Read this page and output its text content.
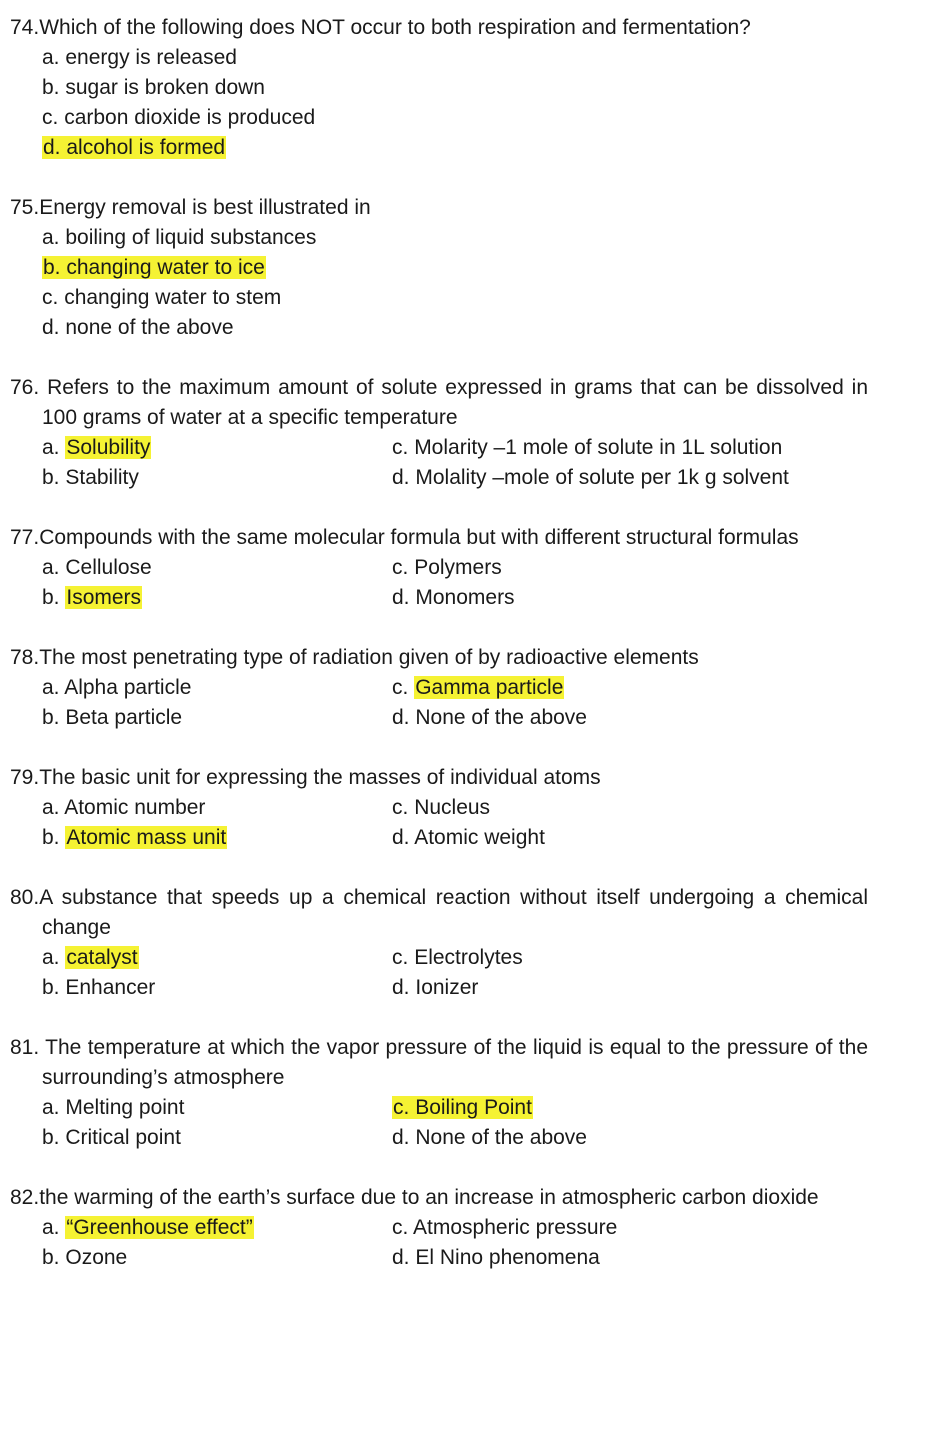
74.Which of the following does NOT occur to both respiration and fermentation?
a. energy is released
b. sugar is broken down
c. carbon dioxide is produced
d. alcohol is formed
75.Energy removal is best illustrated in
a. boiling of liquid substances
b. changing water to ice
c. changing water to stem
d. none of the above
76. Refers to the maximum amount of solute expressed in grams that can be dissolved in 100 grams of water at a specific temperature
a. Solubility	c. Molarity –1 mole of solute in 1L solution
b. Stability	d. Molality –mole of solute per 1k g solvent
77.Compounds with the same molecular formula but with different structural formulas
a. Cellulose	c. Polymers
b. Isomers	d. Monomers
78.The most penetrating type of radiation given of by radioactive elements
a. Alpha particle	c. Gamma particle
b. Beta particle	d. None of the above
79.The basic unit for expressing the masses of individual atoms
a. Atomic number	c. Nucleus
b. Atomic mass unit	d. Atomic weight
80.A substance that speeds up a chemical reaction without itself undergoing a chemical change
a. catalyst	c. Electrolytes
b. Enhancer	d. Ionizer
81. The temperature at which the vapor pressure of the liquid is equal to the pressure of the surrounding’s atmosphere
a. Melting point	c. Boiling Point
b. Critical point	d. None of the above
82.the warming of the earth’s surface due to an increase in atmospheric carbon dioxide
a. “Greenhouse effect”	c. Atmospheric pressure
b. Ozone	d. El Nino phenomena
